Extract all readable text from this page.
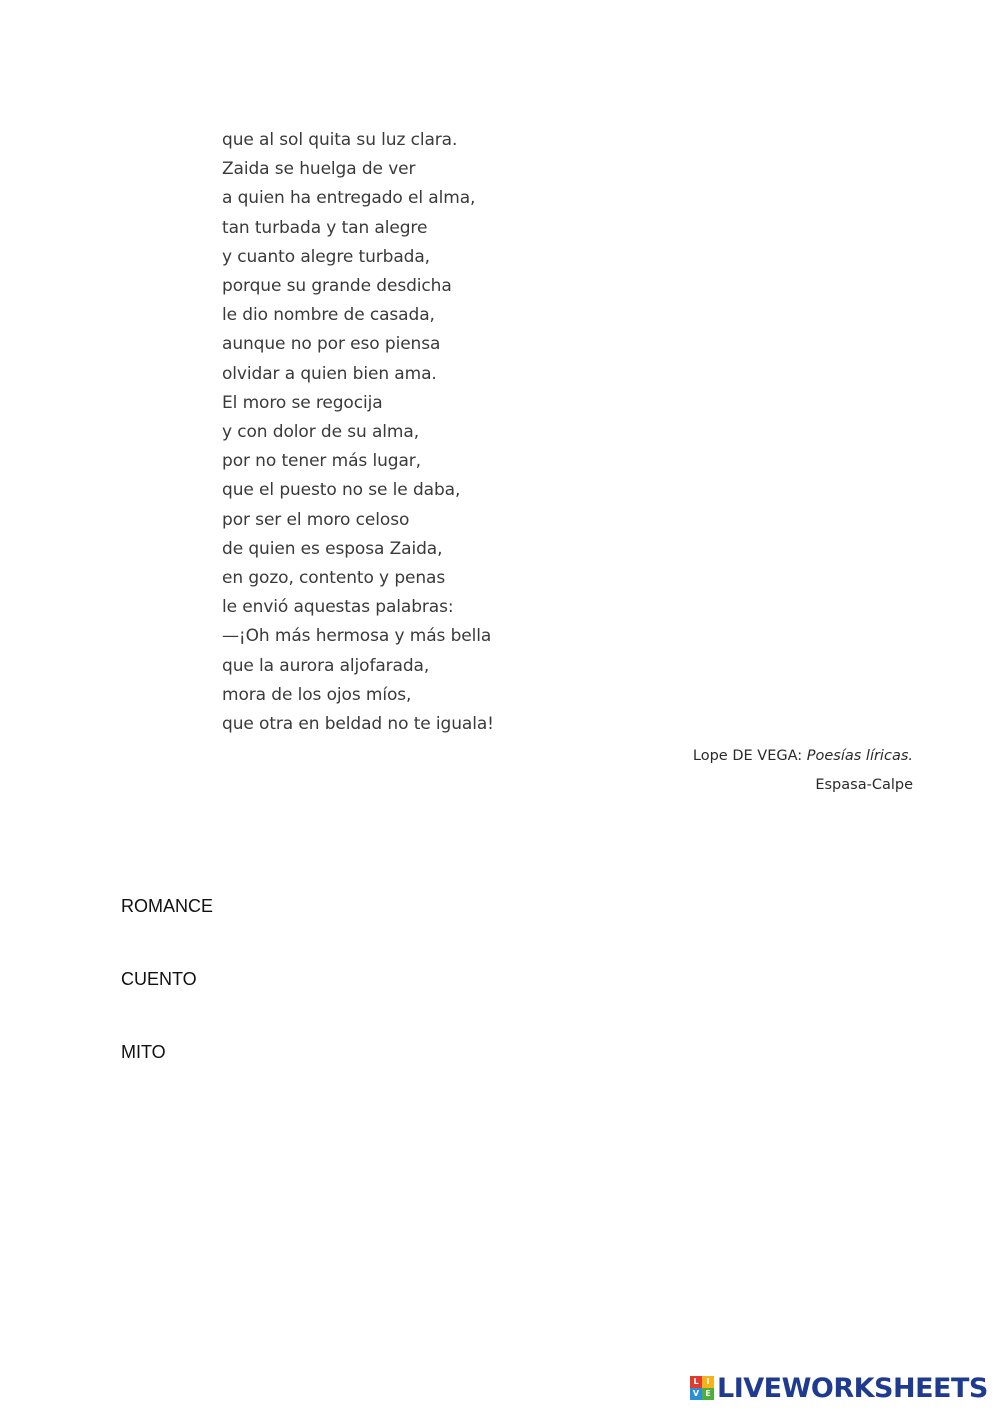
que al sol quita su luz clara.
Zaida se huelga de ver
a quien ha entregado el alma,
tan turbada y tan alegre
y cuanto alegre turbada,
porque su grande desdicha
le dio nombre de casada,
aunque no por eso piensa
olvidar a quien bien ama.
El moro se regocija
y con dolor de su alma,
por no tener más lugar,
que el puesto no se le daba,
por ser el moro celoso
de quien es esposa Zaida,
en gozo, contento y penas
le envió aquestas palabras:
—¡Oh más hermosa y más bella
que la aurora aljofarada,
mora de los ojos míos,
que otra en beldad no te iguala!
Lope DE VEGA: Poesías líricas.
Espasa-Calpe
ROMANCE
CUENTO
MITO
L I
V E LIVEWORKSHEETS
